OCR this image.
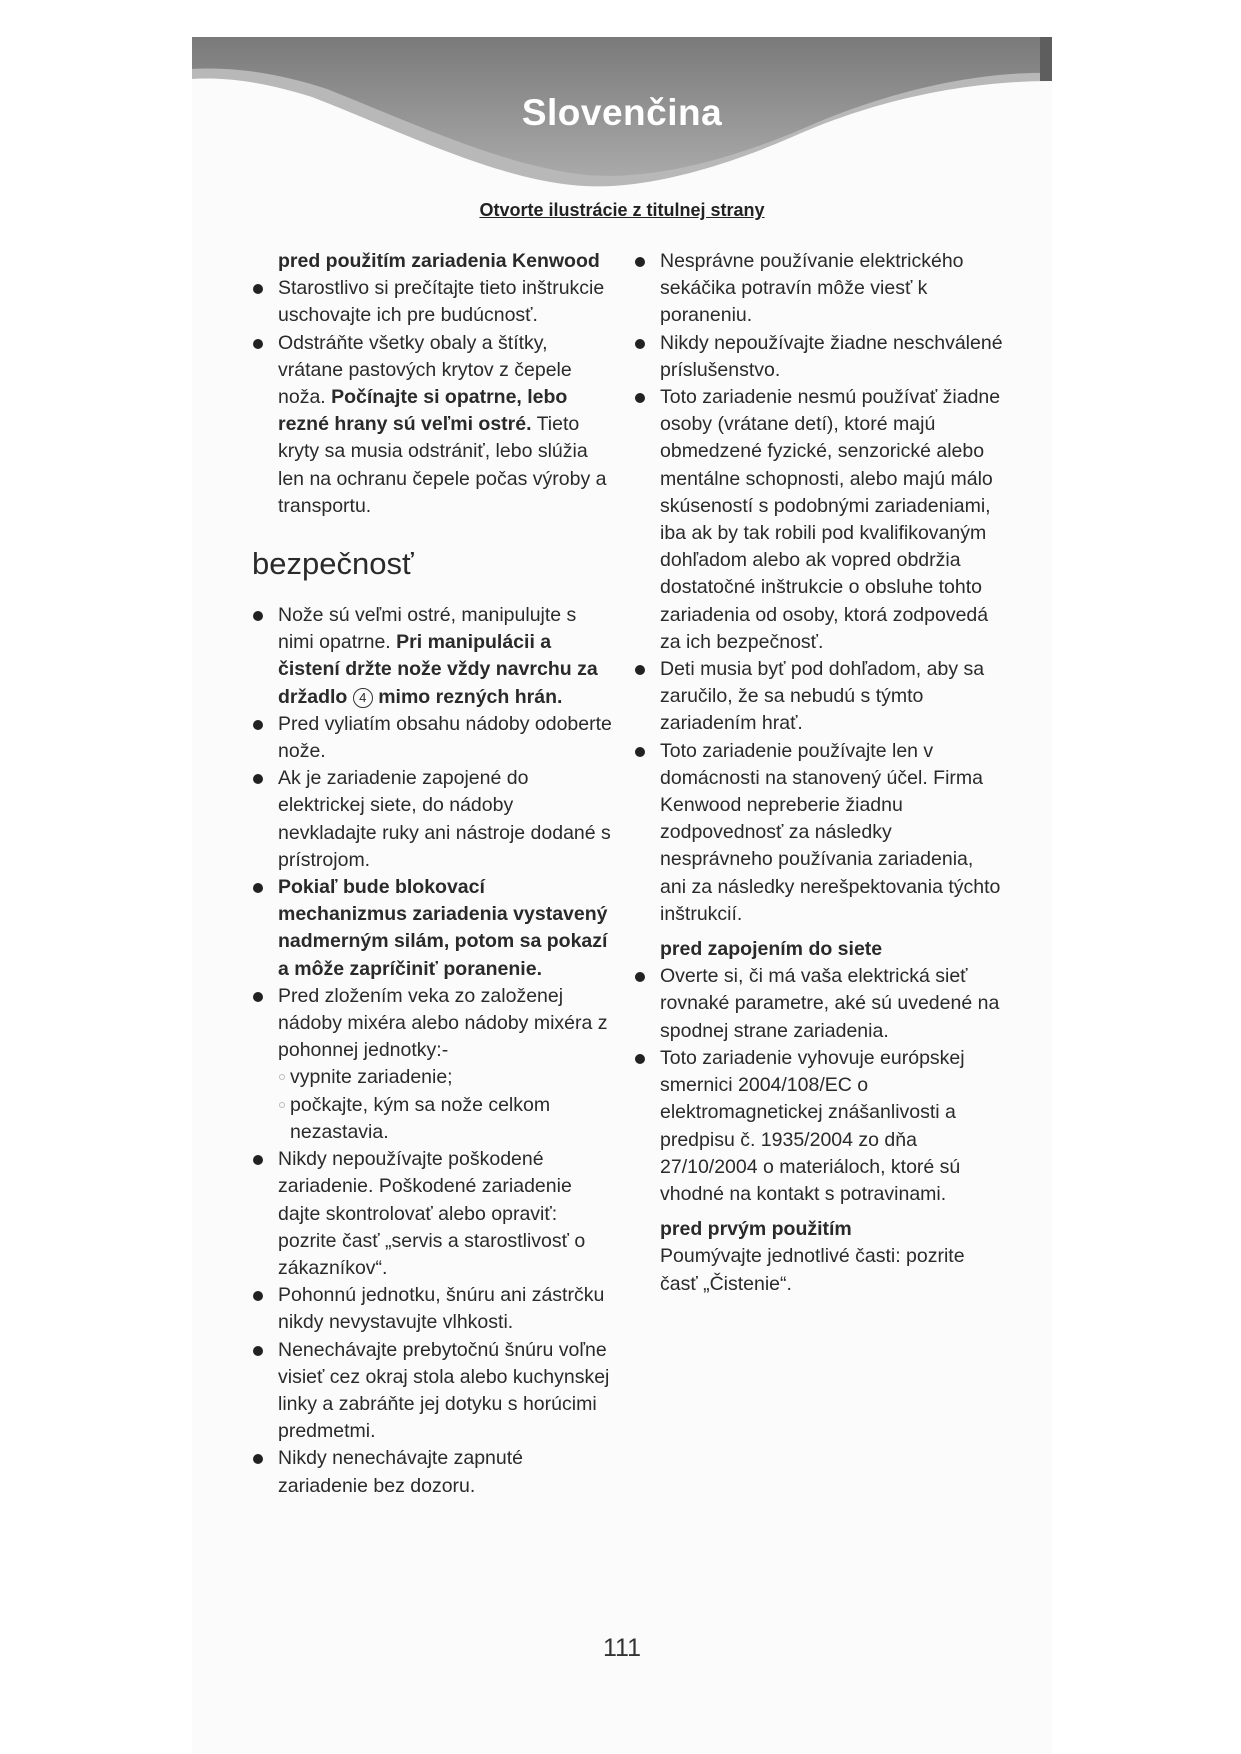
Slovenčina
Otvorte ilustrácie z titulnej strany

pred použitím zariadenia Kenwood

Starostlivo si prečítajte tieto inštrukcie uschovajte ich pre budúcnosť.
Odstráňte všetky obaly a štítky, vrátane pastových krytov z čepele noža. Počínajte si opatrne, lebo rezné hrany sú veľmi ostré. Tieto kryty sa musia odstrániť, lebo slúžia len na ochranu čepele počas výroby a transportu.
bezpečnosť
Nože sú veľmi ostré, manipulujte s nimi opatrne. Pri manipulácii a čistení držte nože vždy navrchu za držadlo 4 mimo rezných hrán.
Pred vyliatím obsahu nádoby odoberte nože.
Ak je zariadenie zapojené do elektrickej siete, do nádoby nevkladajte ruky ani nástroje dodané s prístrojom.
Pokiaľ bude blokovací mechanizmus zariadenia vystavený nadmerným silám, potom sa pokazí a môže zapríčiniť poranenie.
Pred zložením veka zo založenej nádoby mixéra alebo nádoby mixéra z pohonnej jednotky:-
vypnite zariadenie;
počkajte, kým sa nože celkom nezastavia.
Nikdy nepoužívajte poškodené zariadenie. Poškodené zariadenie dajte skontrolovať alebo opraviť: pozrite časť „servis a starostlivosť o zákazníkov“.
Pohonnú jednotku, šnúru ani zástrčku nikdy nevystavujte vlhkosti.
Nenechávajte prebytočnú šnúru voľne visieť cez okraj stola alebo kuchynskej linky a zabráňte jej dotyku s horúcimi predmetmi.
Nikdy nenechávajte zapnuté zariadenie bez dozoru.
Nesprávne používanie elektrického sekáčika potravín môže viesť k poraneniu.
Nikdy nepoužívajte žiadne neschválené príslušenstvo.
Toto zariadenie nesmú používať žiadne osoby (vrátane detí), ktoré majú obmedzené fyzické, senzorické alebo mentálne schopnosti, alebo majú málo skúseností s podobnými zariadeniami, iba ak by tak robili pod kvalifikovaným dohľadom alebo ak vopred obdržia dostatočné inštrukcie o obsluhe tohto zariadenia od osoby, ktorá zodpovedá za ich bezpečnosť.
Deti musia byť pod dohľadom, aby sa zaručilo, že sa nebudú s týmto zariadením hrať.
Toto zariadenie používajte len v domácnosti na stanovený účel. Firma Kenwood nepreberie žiadnu zodpovednosť za následky nesprávneho používania zariadenia, ani za následky nerešpektovania týchto inštrukcií.

pred zapojením do siete

Overte si, či má vaša elektrická sieť rovnaké parametre, aké sú uvedené na spodnej strane zariadenia.
Toto zariadenie vyhovuje európskej smernici 2004/108/EC o elektromagnetickej znášanlivosti a predpisu č. 1935/2004 zo dňa 27/10/2004 o materiáloch, ktoré sú vhodné na kontakt s potravinami.

pred prvým použitím

Poumývajte jednotlivé časti: pozrite časť „Čistenie“.

111
